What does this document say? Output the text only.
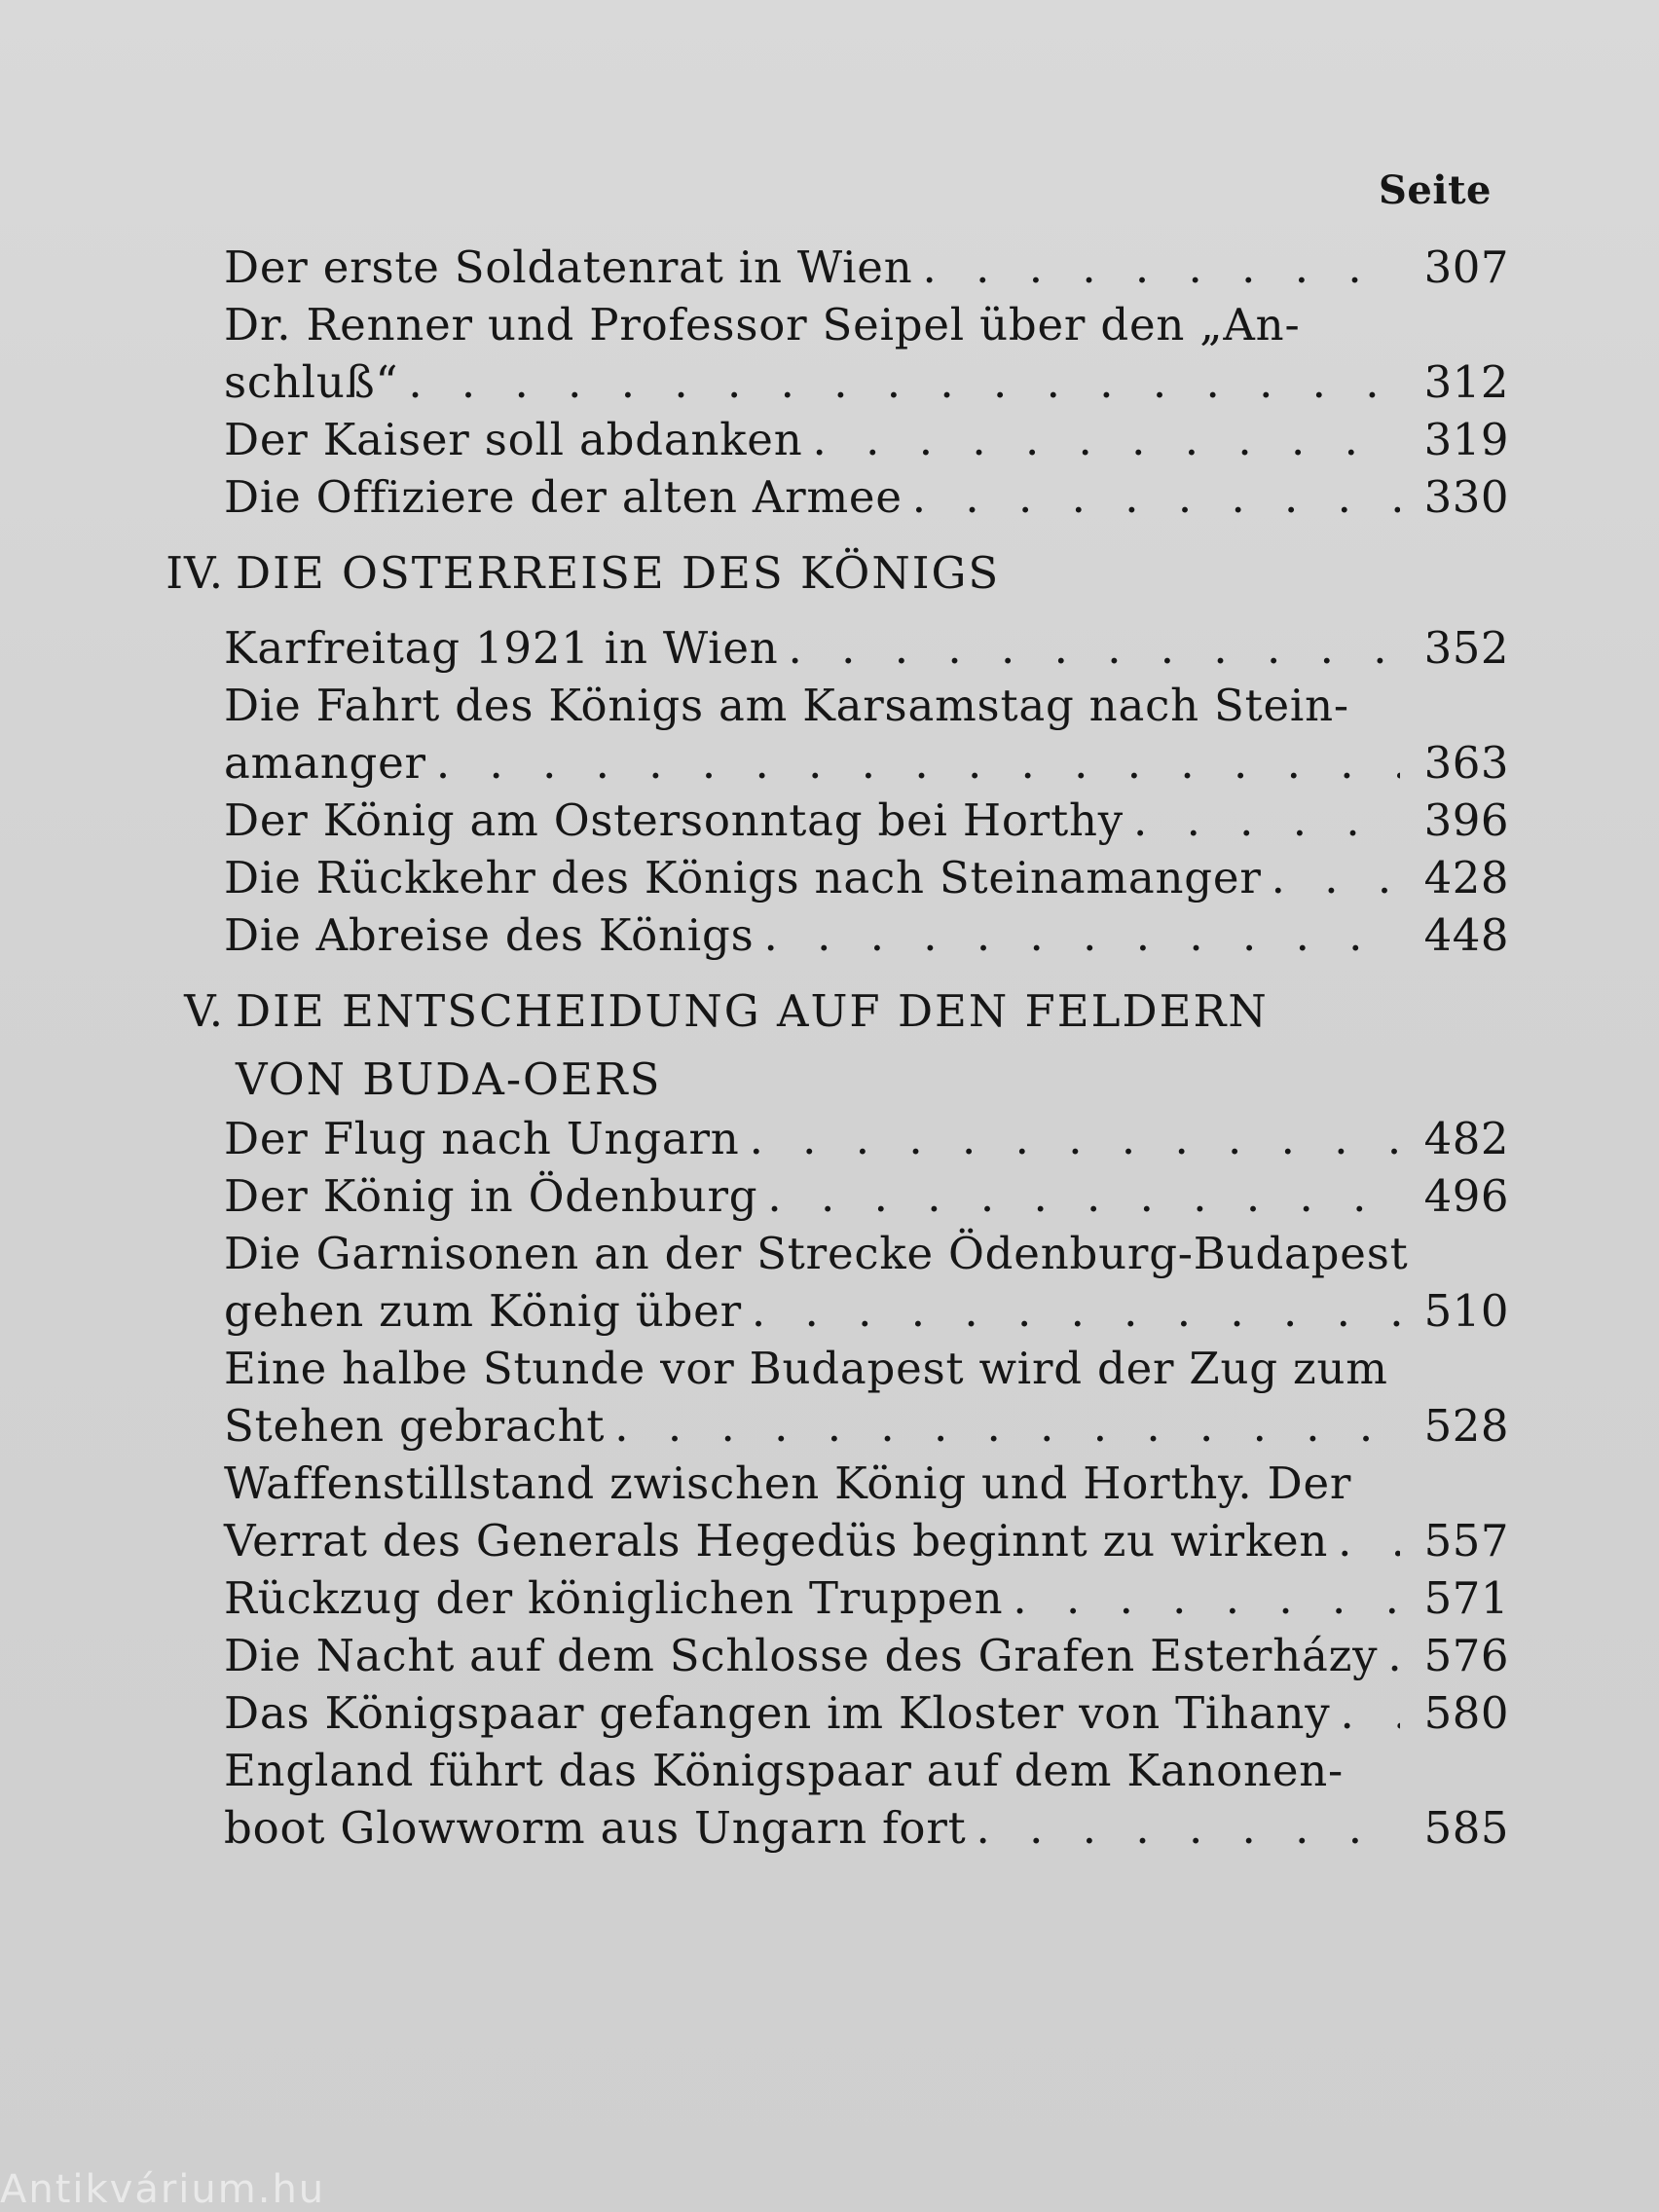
Seite
Der erste Soldatenrat in Wien . . .	307
Dr. Renner und Professor Seipel über den „An-
schluß“ . . .	312
Der Kaiser soll abdanken . . .	319
Die Offiziere der alten Armee . . .	330
IV. DIE OSTERREISE DES KÖNIGS
Karfreitag 1921 in Wien . . .	352
Die Fahrt des Königs am Karsamstag nach Stein-
amanger . . .	363
Der König am Ostersonntag bei Horthy . . .	396
Die Rückkehr des Königs nach Steinamanger . . .	428
Die Abreise des Königs . . .	448
V. DIE ENTSCHEIDUNG AUF DEN FELDERN
VON BUDA-OERS
Der Flug nach Ungarn . . .	482
Der König in Ödenburg . . .	496
Die Garnisonen an der Strecke Ödenburg-Budapest
gehen zum König über . . .	510
Eine halbe Stunde vor Budapest wird der Zug zum
Stehen gebracht . . .	528
Waffenstillstand zwischen König und Horthy. Der
Verrat des Generals Hegedüs beginnt zu wirken . . . 557
Rückzug der königlichen Truppen . . .	571
Die Nacht auf dem Schlosse des Grafen Esterházy . . . 576
Das Königspaar gefangen im Kloster von Tihany . . . 580
England führt das Königspaar auf dem Kanonen-
boot Glowworm aus Ungarn fort . . .	585
Antikvárium.hu
